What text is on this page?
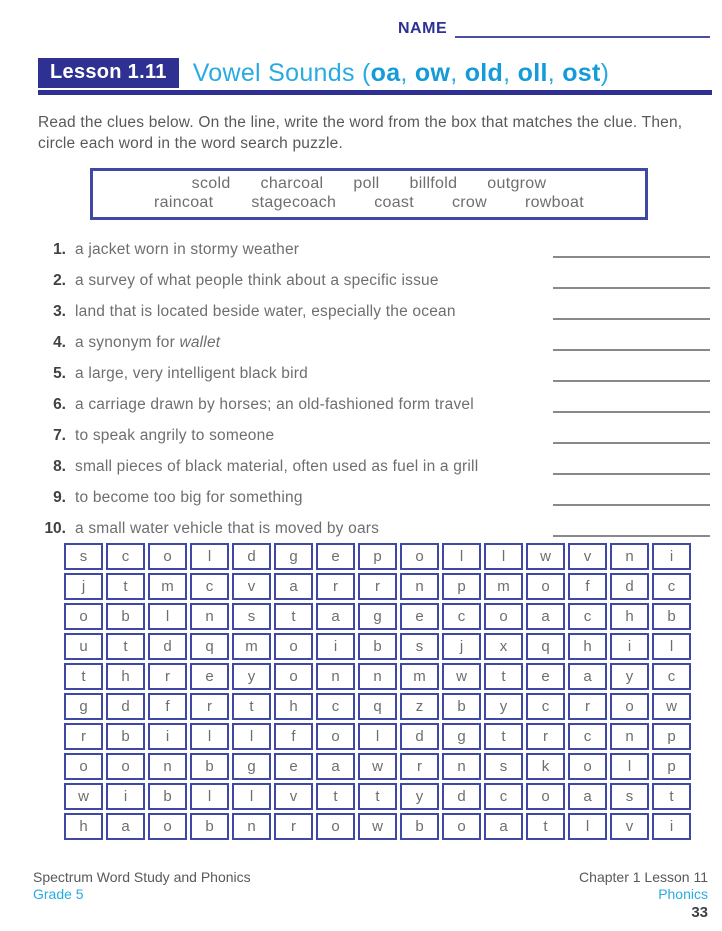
NAME
Lesson 1.11	Vowel Sounds (oa, ow, old, oll, ost)
Read the clues below. On the line, write the word from the box that matches the clue. Then, circle each word in the word search puzzle.
scold charcoal poll billfold outgrow
raincoat stagecoach coast crow rowboat
1. a jacket worn in stormy weather
2. a survey of what people think about a specific issue
3. land that is located beside water, especially the ocean
4. a synonym for wallet
5. a large, very intelligent black bird
6. a carriage drawn by horses; an old-fashioned form travel
7. to speak angrily to someone
8. small pieces of black material, often used as fuel in a grill
9. to become too big for something
10. a small water vehicle that is moved by oars
s	c	o	l	d	g	e	p	o	l	l	w	v	n	i
j	t	m	c	v	a	r	r	n	p	m	o	f	d	c
o	b	l	n	s	t	a	g	e	c	o	a	c	h	b
u	t	d	q	m	o	i	b	s	j	x	q	h	i	l
t	h	r	e	y	o	n	n	m	w	t	e	a	y	c
g	d	f	r	t	h	c	q	z	b	y	c	r	o	w
r	b	i	l	l	f	o	l	d	g	t	r	c	n	p
o	o	n	b	g	e	a	w	r	n	s	k	o	l	p
w	i	b	l	l	v	t	t	y	d	c	o	a	s	t
h	a	o	b	n	r	o	w	b	o	a	t	l	v	i
Spectrum Word Study and Phonics
Grade 5
Chapter 1 Lesson 11
Phonics
33
